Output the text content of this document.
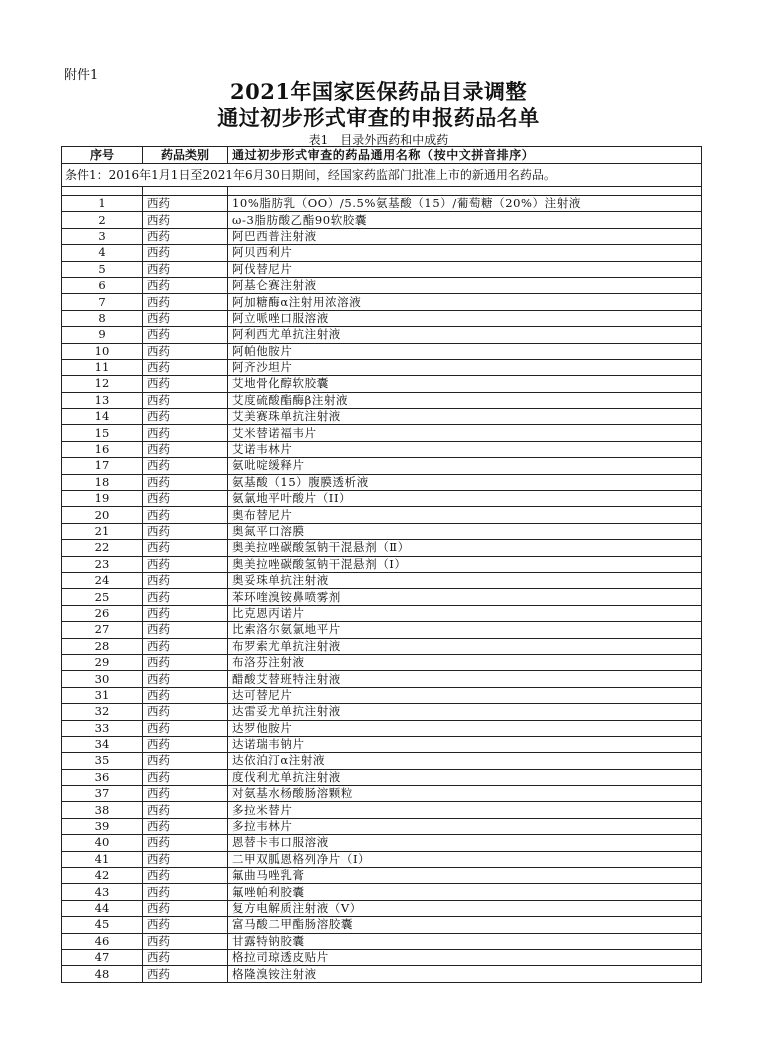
附件1
2021年国家医保药品目录调整
通过初步形式审查的申报药品名单
表1　目录外西药和中成药
序号	药品类别	通过初步形式审查的药品通用名称（按中文拼音排序）
条件1：2016年1月1日至2021年6月30日期间，经国家药监部门批准上市的新通用名药品。		

1	西药	10%脂肪乳（OO）/5.5%氨基酸（15）/葡萄糖（20%）注射液
2	西药	ω-3脂肪酸乙酯90软胶囊
3	西药	阿巴西普注射液
4	西药	阿贝西利片
5	西药	阿伐替尼片
6	西药	阿基仑赛注射液
7	西药	阿加糖酶α注射用浓溶液
8	西药	阿立哌唑口服溶液
9	西药	阿利西尤单抗注射液
10	西药	阿帕他胺片
11	西药	阿齐沙坦片
12	西药	艾地骨化醇软胶囊
13	西药	艾度硫酸酯酶β注射液
14	西药	艾美赛珠单抗注射液
15	西药	艾米替诺福韦片
16	西药	艾诺韦林片
17	西药	氨吡啶缓释片
18	西药	氨基酸（15）腹膜透析液
19	西药	氨氯地平叶酸片（II）
20	西药	奥布替尼片
21	西药	奥氮平口溶膜
22	西药	奥美拉唑碳酸氢钠干混悬剂（Ⅱ）
23	西药	奥美拉唑碳酸氢钠干混悬剂（Ⅰ）
24	西药	奥妥珠单抗注射液
25	西药	苯环喹溴铵鼻喷雾剂
26	西药	比克恩丙诺片
27	西药	比索洛尔氨氯地平片
28	西药	布罗索尤单抗注射液
29	西药	布洛芬注射液
30	西药	醋酸艾替班特注射液
31	西药	达可替尼片
32	西药	达雷妥尤单抗注射液
33	西药	达罗他胺片
34	西药	达诺瑞韦钠片
35	西药	达依泊汀α注射液
36	西药	度伐利尤单抗注射液
37	西药	对氨基水杨酸肠溶颗粒
38	西药	多拉米替片
39	西药	多拉韦林片
40	西药	恩替卡韦口服溶液
41	西药	二甲双胍恩格列净片（Ⅰ）
42	西药	氟曲马唑乳膏
43	西药	氟唑帕利胶囊
44	西药	复方电解质注射液（Ⅴ）
45	西药	富马酸二甲酯肠溶胶囊
46	西药	甘露特钠胶囊
47	西药	格拉司琼透皮贴片
48	西药	格隆溴铵注射液
